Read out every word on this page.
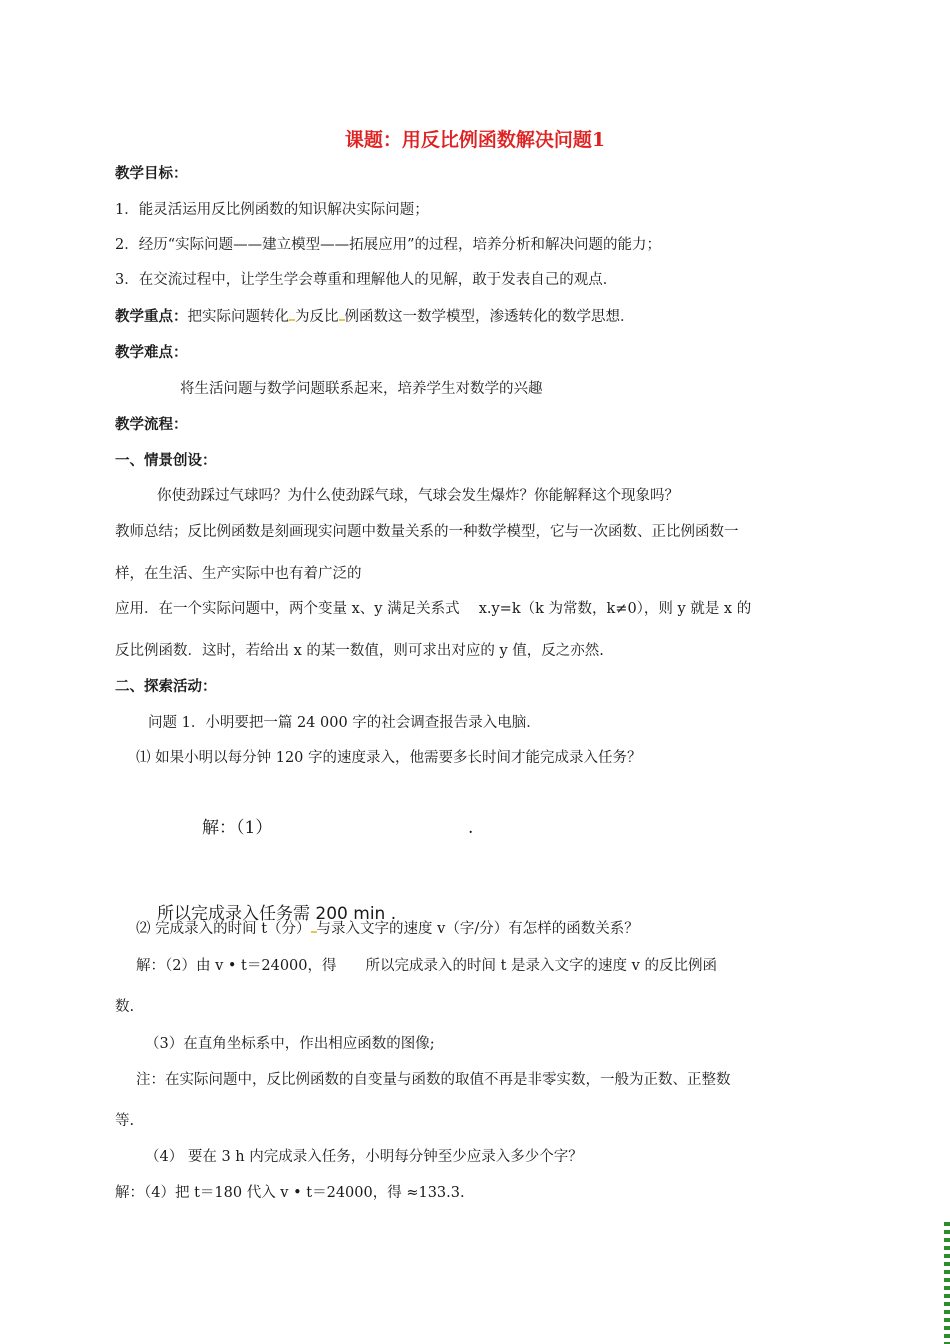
课题：用反比例函数解决问题1
教学目标：
1．能灵活运用反比例函数的知识解决实际问题；
2．经历“实际问题——建立模型——拓展应用”的过程，培养分析和解决问题的能力；
3．在交流过程中，让学生学会尊重和理解他人的见解，敢于发表自己的观点．
教学重点：把实际问题转化 为反比 例函数这一数学模型，渗透转化的数学思想．
教学难点：
将生活问题与数学问题联系起来，培养学生对数学的兴趣
教学流程：
一、情景创设：
你使劲踩过气球吗？为什么使劲踩气球，气球会发生爆炸？你能解释这个现象吗？
教师总结；反比例函数是刻画现实问题中数量关系的一种数学模型，它与一次函数、正比例函数一
样，在生活、生产实际中也有着广泛的
应用．在一个实际问题中，两个变量 x、y 满足关系式　 x.y=k（k 为常数，k≠0），则 y 就是 x 的
反比例函数．这时，若给出 x 的某一数值，则可求出对应的 y 值，反之亦然.
二、探索活动：
问题 1．小明要把一篇 24 000 字的社会调查报告录入电脑．
⑴ 如果小明以每分钟 120 字的速度录入，他需要多长时间才能完成录入任务？
解：（1）	.
所以完成录入任务需 200 min .
⑵ 完成录入的时间 t（分） 与录入文字的速度 v（字/分）有怎样的函数关系？
解：（2）由 v • t＝24000，得　　所以完成录入的时间 t 是录入文字的速度 v 的反比例函
数.
（3）在直角坐标系中，作出相应函数的图像;
注：在实际问题中，反比例函数的自变量与函数的取值不再是非零实数，一般为正数、正整数
等.
（4） 要在 3 h 内完成录入任务，小明每分钟至少应录入多少个字？
解：（4）把 t＝180 代入 v • t＝24000，得 ≈133.3.
